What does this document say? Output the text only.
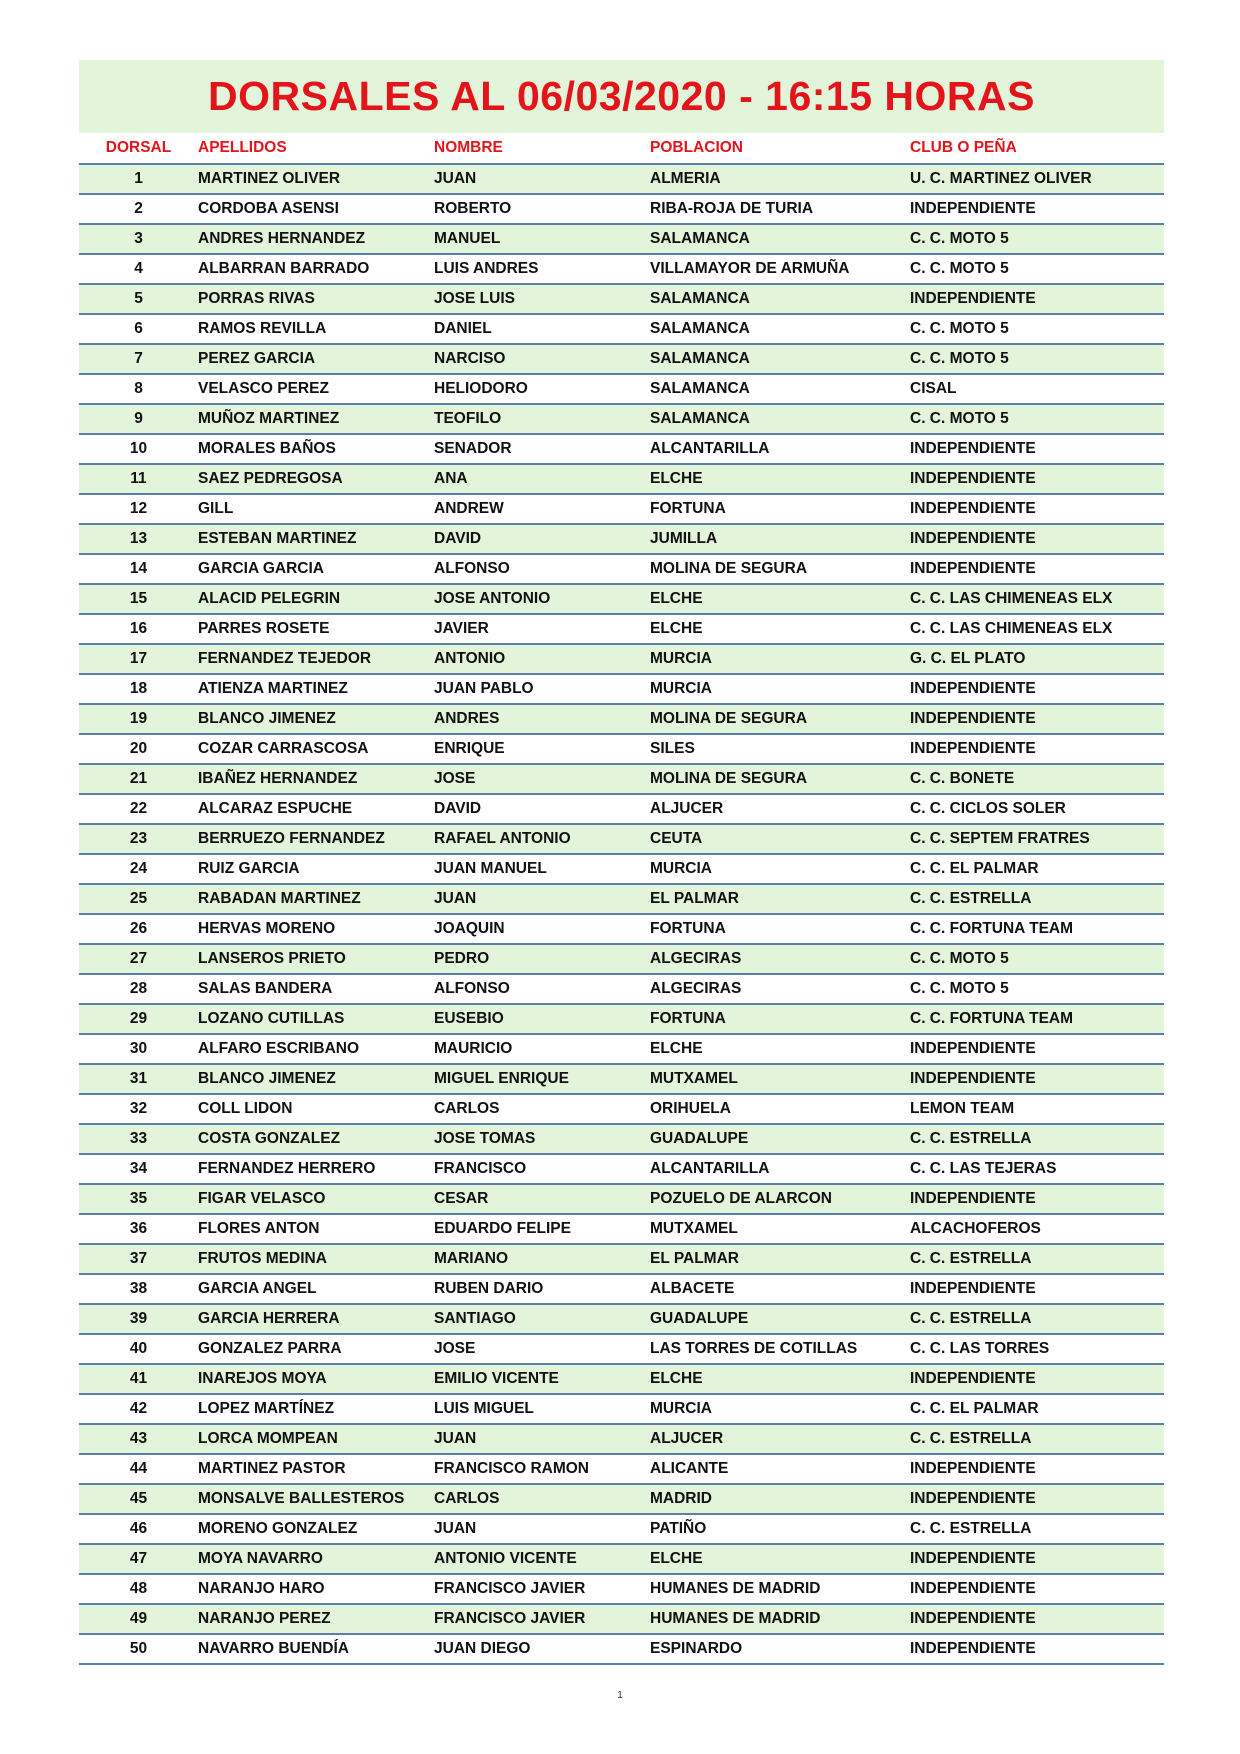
DORSALES AL 06/03/2020 - 16:15 HORAS
DORSAL	APELLIDOS	NOMBRE	POBLACION	CLUB O PEÑA
1	MARTINEZ OLIVER	JUAN	ALMERIA	U. C. MARTINEZ OLIVER
2	CORDOBA ASENSI	ROBERTO	RIBA-ROJA DE TURIA	INDEPENDIENTE
3	ANDRES HERNANDEZ	MANUEL	SALAMANCA	C. C. MOTO 5
4	ALBARRAN BARRADO	LUIS ANDRES	VILLAMAYOR DE ARMUÑA	C. C. MOTO 5
5	PORRAS RIVAS	JOSE LUIS	SALAMANCA	INDEPENDIENTE
6	RAMOS REVILLA	DANIEL	SALAMANCA	C. C. MOTO 5
7	PEREZ GARCIA	NARCISO	SALAMANCA	C. C. MOTO 5
8	VELASCO PEREZ	HELIODORO	SALAMANCA	CISAL
9	MUÑOZ MARTINEZ	TEOFILO	SALAMANCA	C. C. MOTO 5
10	MORALES BAÑOS	SENADOR	ALCANTARILLA	INDEPENDIENTE
11	SAEZ PEDREGOSA	ANA	ELCHE	INDEPENDIENTE
12	GILL	ANDREW	FORTUNA	INDEPENDIENTE
13	ESTEBAN MARTINEZ	DAVID	JUMILLA	INDEPENDIENTE
14	GARCIA GARCIA	ALFONSO	MOLINA DE SEGURA	INDEPENDIENTE
15	ALACID PELEGRIN	JOSE ANTONIO	ELCHE	C. C. LAS CHIMENEAS ELX
16	PARRES ROSETE	JAVIER	ELCHE	C. C. LAS CHIMENEAS ELX
17	FERNANDEZ TEJEDOR	ANTONIO	MURCIA	G. C. EL PLATO
18	ATIENZA MARTINEZ	JUAN PABLO	MURCIA	INDEPENDIENTE
19	BLANCO JIMENEZ	ANDRES	MOLINA DE SEGURA	INDEPENDIENTE
20	COZAR CARRASCOSA	ENRIQUE	SILES	INDEPENDIENTE
21	IBAÑEZ HERNANDEZ	JOSE	MOLINA DE SEGURA	C. C. BONETE
22	ALCARAZ ESPUCHE	DAVID	ALJUCER	C. C. CICLOS SOLER
23	BERRUEZO FERNANDEZ	RAFAEL ANTONIO	CEUTA	C. C. SEPTEM FRATRES
24	RUIZ GARCIA	JUAN MANUEL	MURCIA	C. C. EL PALMAR
25	RABADAN MARTINEZ	JUAN	EL PALMAR	C. C. ESTRELLA
26	HERVAS MORENO	JOAQUIN	FORTUNA	C. C. FORTUNA TEAM
27	LANSEROS PRIETO	PEDRO	ALGECIRAS	C. C. MOTO 5
28	SALAS BANDERA	ALFONSO	ALGECIRAS	C. C. MOTO 5
29	LOZANO CUTILLAS	EUSEBIO	FORTUNA	C. C. FORTUNA TEAM
30	ALFARO ESCRIBANO	MAURICIO	ELCHE	INDEPENDIENTE
31	BLANCO JIMENEZ	MIGUEL ENRIQUE	MUTXAMEL	INDEPENDIENTE
32	COLL LIDON	CARLOS	ORIHUELA	LEMON TEAM
33	COSTA GONZALEZ	JOSE TOMAS	GUADALUPE	C. C. ESTRELLA
34	FERNANDEZ HERRERO	FRANCISCO	ALCANTARILLA	C. C. LAS TEJERAS
35	FIGAR VELASCO	CESAR	POZUELO DE ALARCON	INDEPENDIENTE
36	FLORES ANTON	EDUARDO FELIPE	MUTXAMEL	ALCACHOFEROS
37	FRUTOS MEDINA	MARIANO	EL PALMAR	C. C. ESTRELLA
38	GARCIA ANGEL	RUBEN DARIO	ALBACETE	INDEPENDIENTE
39	GARCIA HERRERA	SANTIAGO	GUADALUPE	C. C. ESTRELLA
40	GONZALEZ PARRA	JOSE	LAS TORRES DE COTILLAS	C. C. LAS TORRES
41	INAREJOS MOYA	EMILIO VICENTE	ELCHE	INDEPENDIENTE
42	LOPEZ MARTÍNEZ	LUIS MIGUEL	MURCIA	C. C. EL PALMAR
43	LORCA MOMPEAN	JUAN	ALJUCER	C. C. ESTRELLA
44	MARTINEZ PASTOR	FRANCISCO RAMON	ALICANTE	INDEPENDIENTE
45	MONSALVE BALLESTEROS	CARLOS	MADRID	INDEPENDIENTE
46	MORENO GONZALEZ	JUAN	PATIÑO	C. C. ESTRELLA
47	MOYA NAVARRO	ANTONIO VICENTE	ELCHE	INDEPENDIENTE
48	NARANJO HARO	FRANCISCO JAVIER	HUMANES DE MADRID	INDEPENDIENTE
49	NARANJO PEREZ	FRANCISCO JAVIER	HUMANES DE MADRID	INDEPENDIENTE
50	NAVARRO BUENDÍA	JUAN DIEGO	ESPINARDO	INDEPENDIENTE
1
